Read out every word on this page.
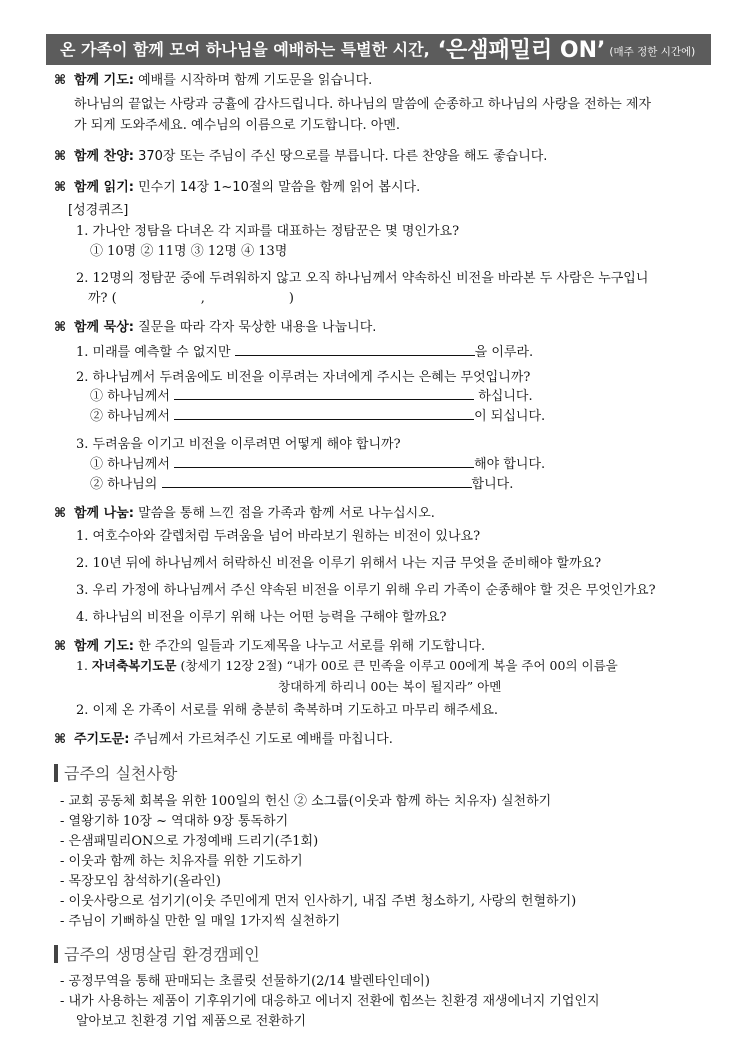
온 가족이 함께 모여 하나님을 예배하는 특별한 시간, ‘은샘패밀리 ON’ (매주 정한 시간에)
⌘ 함께 기도: 예배를 시작하며 함께 기도문을 읽습니다.
하나님의 끝없는 사랑과 긍휼에 감사드립니다. 하나님의 말씀에 순종하고 하나님의 사랑을 전하는 제자
가 되게 도와주세요. 예수님의 이름으로 기도합니다. 아멘.
⌘ 함께 찬양: 370장 또는 주님이 주신 땅으로를 부릅니다. 다른 찬양을 해도 좋습니다.
⌘ 함께 읽기: 민수기 14장 1~10절의 말씀을 함께 읽어 봅시다.
[성경퀴즈]
1. 가나안 정탐을 다녀온 각 지파를 대표하는 정탐꾼은 몇 명인가요?
① 10명 ② 11명 ③ 12명 ④ 13명
2. 12명의 정탐꾼 중에 두려워하지 않고 오직 하나님께서 약속하신 비전을 바라본 두 사람은 누구입니
까? (	,	)
⌘ 함께 묵상: 질문을 따라 각자 묵상한 내용을 나눕니다.
1. 미래를 예측할 수 없지만	을 이루라.
2. 하나님께서 두려움에도 비전을 이루려는 자녀에게 주시는 은혜는 무엇입니까?
① 하나님께서	하십니다.
② 하나님께서	이 되십니다.
3. 두려움을 이기고 비전을 이루려면 어떻게 해야 합니까?
① 하나님께서	해야 합니다.
② 하나님의	합니다.
⌘ 함께 나눔: 말씀을 통해 느낀 점을 가족과 함께 서로 나누십시오.
1. 여호수아와 갈렙처럼 두려움을 넘어 바라보기 원하는 비전이 있나요?
2. 10년 뒤에 하나님께서 허락하신 비전을 이루기 위해서 나는 지금 무엇을 준비해야 할까요?
3. 우리 가정에 하나님께서 주신 약속된 비전을 이루기 위해 우리 가족이 순종해야 할 것은 무엇인가요?
4. 하나님의 비전을 이루기 위해 나는 어떤 능력을 구해야 할까요?
⌘ 함께 기도: 한 주간의 일들과 기도제목을 나누고 서로를 위해 기도합니다.
1. 자녀축복기도문 (창세기 12장 2절) “내가 00로 큰 민족을 이루고 00에게 복을 주어 00의 이름을
창대하게 하리니 00는 복이 될지라” 아멘
2. 이제 온 가족이 서로를 위해 충분히 축복하며 기도하고 마무리 해주세요.
⌘ 주기도문: 주님께서 가르쳐주신 기도로 예배를 마칩니다.
금주의 실천사항
- 교회 공동체 회복을 위한 100일의 헌신 ② 소그룹(이웃과 함께 하는 치유자) 실천하기
- 열왕기하 10장 ~ 역대하 9장 통독하기
- 은샘패밀리ON으로 가정예배 드리기(주1회)
- 이웃과 함께 하는 치유자를 위한 기도하기
- 목장모임 참석하기(올라인)
- 이웃사랑으로 섬기기(이웃 주민에게 먼저 인사하기, 내집 주변 청소하기, 사랑의 헌혈하기)
- 주님이 기뻐하실 만한 일 매일 1가지씩 실천하기
금주의 생명살림 환경캠페인
- 공정무역을 통해 판매되는 초콜릿 선물하기(2/14 발렌타인데이)
- 내가 사용하는 제품이 기후위기에 대응하고 에너지 전환에 힘쓰는 친환경 재생에너지 기업인지
알아보고 친환경 기업 제품으로 전환하기
